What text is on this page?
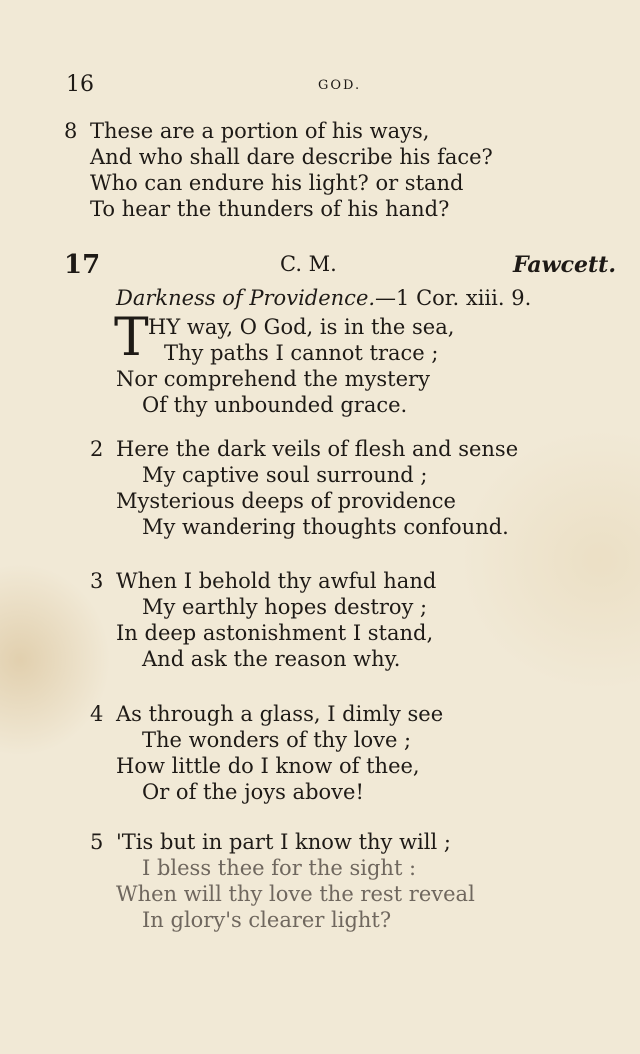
16	GOD.
8 These are a portion of his ways,
And who shall dare describe his face?
Who can endure his light? or stand
To hear the thunders of his hand?
17	C. M.	Fawcett.
Darkness of Providence.—1 Cor. xiii. 9.
T HY way, O God, is in the sea,
Thy paths I cannot trace ;
Nor comprehend the mystery
Of thy unbounded grace.
2 Here the dark veils of flesh and sense
My captive soul surround ;
Mysterious deeps of providence
My wandering thoughts confound.
3 When I behold thy awful hand
My earthly hopes destroy ;
In deep astonishment I stand,
And ask the reason why.
4 As through a glass, I dimly see
The wonders of thy love ;
How little do I know of thee,
Or of the joys above!
5 'Tis but in part I know thy will ;
I bless thee for the sight :
When will thy love the rest reveal
In glory's clearer light?
